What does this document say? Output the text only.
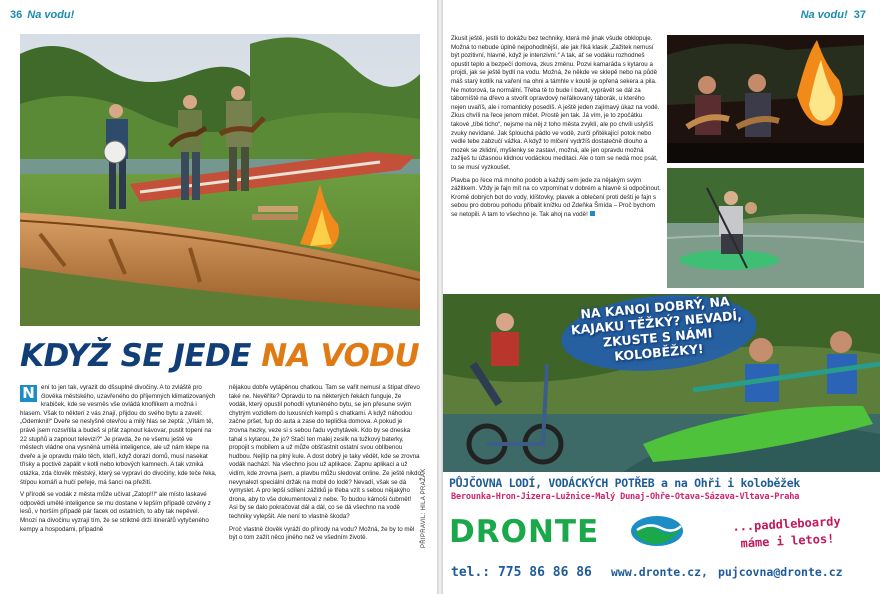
36 Na vodu!
PŘIPRAVIL: HILA PRAŽÁK
KDYŽ SE JEDE NA VODU

N	ení to jen tak, vyrazit do dšsuplné divočiny. A to zvláště pro člověka městského, uzavřeného do příjemných klimatizovaných krabiček, kde se vesměs vše ovládá knoflíkem a možná i hlasem. Však to některí z vás znají, přijdou do svého bytu a zavelí: „Odemknil!“ Dveře se neslyšně otevřou a milý hlas se zeptá: „Vítám tě, právě jsem rozsvítila a budeš si přát zapnout kávovar, pustit topení na 22 stupňů a zapnout televizi?“ Je pravda, že ne všemu ještě ve městech vládne ona vysněná umělá inteligence, ale už nám klepe na dveře a je opravdu málo těch, kteří, když dorazí domů, musí nasekat třísky a poctivě zapálit v kotli nebo krbových kamnech. A tak vzniká otázka, zda člověk městský, který se vypraví do divočiny, kde teče řeka, štípou komáři a hučí peřeje, má šanci na přežití.

V přírodě se vodák z města může učívat „Zatop!!!“ ale místo laskavé odpovědi umělé inteligence se mu dostane v lepším případě ozvěny z lesů, v horším případě pár facek od ostatních, to aby tak nepěvel. Mnozí na divočinu vyzrají tím, že se striktně drží itinerářů vytyčeného kempy a hospodami, případně

nějakou dobře vytápěnou chatkou. Tam se vařit nemusí a štípat dřevo také ne. Nevěříte? Opravdu to na některých řekách funguje, že vodák, který opustil pohodlí vytuněného bytu, se jen přesune svým chytrým vozidlem do luxusních kempů s chatkami. A když náhodou začne pršet, fup do auta a zase do teplička domova. A pokud je zrovna hezky, veze si s sebou řadu vychytávek. Kdo by se dneska tahal s kytarou, že jo? Stačí ten malej zesilk na tužkový baterky, propojit s mobilem a už může obšťastnit ostatní svou oblíbenou hudbou. Nejlíp na plný kule. A dost dobrý je taky vědět, kde se zrovna vodák nachází. Na všechno jsou už aplikace. Zapnu aplikaci a už vidím, kde zrovna jsem, a plavbu můžu sledovat online. Ze ještě nikdo nevynalezl speciální držák na mobil do lodě? Nevadí, však se dá vymyslet. A pro lepší sdílení zážitků je třeba vzít s sebou nějakýho drona, aby to vše dokumentoval z nebe. To budou kámoši čubrnět! Asi by se dalo pokračovat dál a dál, co se dá všechno na vodě techniky vylepšit. Ale není to vlastně škoda?

Proč vlastně člověk vyráží do přírody na vodu? Možná, že by to měl být o tom zažít něco jiného než ve všedním životě.

Na vodu! 37

Zkusit ještě, jestli to dokážu bez techniky, která mě jinak všude obklopuje. Možná to nebude úplně nejpohodlnější, ale jak říká klasik „Zažitek nemusí být pozitivní, hlavně, když je intenzivní.“ A tak, ať se vodáku rozhodneš opustit teplo a bezpečí domova, zkus změnu. Pozvi kamaráda s kytarou a projdi, jak se ještě bydlí na vodu. Možná, že někde ve sklepě nebo na půdě máš starý kotlík na vaření na ohni a támhle v koutě je opřená sekera a pila. Ne motorová, ta normální. Třeba tě to bude i bavit, vyprávět se dál za táborníště na dřevo a stvořit opravdový neřálkovaný táborák, u kterého nejen uvaříš, ale i romanticky posedíš. A ještě jeden zajímavý úkaz na vodě. Zkus chvíli na řece jenom mlčet. Prostě jen tak. Já vím, je to zpočátku takové „tíbé ticho“, nejsme na něj z toho města zvyklí, ale po chvíli uslyšíš zvuky nevídané. Jak šplouchá pádlo ve vodě, zurčí přitékající potok nebo vedle tebe zabzučí vážka. A když to mlčení vydržíš dostatečně dlouho a mozek se zklidní, myšlenky se zastaví, možná, ale jen opravdu možná zažiješ tu úžasnou klidnou vodáckou meditaci. Ale o tom se nedá moc psát, to se musí vyzkoušet.

Plavba po řece má mnoho podob a každý sem jede za nějakým svým zážitkem. Vždy je fajn mít na co vzpomínat v dobrém a hlavně si odpočinout. Kromě dobrých bot do vody, klíštovky, plavek a oblečení proti dešti je fajn s sebou pro dobrou pohodu přibalit knížku od Zdeňka Šmída – Proč bychom se netopili. A tam to všechno je. Tak ahoj na vodě!

NA KANOI DOBRÝ, NA KAJAKU TĚŽKÝ? NEVADÍ, ZKUSTE S NÁMI KOLOBĚŽKY!
PŮJČOVNA LODÍ, VODÁCKÝCH POTŘEB a na Ohři i koloběžek
Berounka-Hron-Jizera-Lužnice-Malý Dunaj-Ohře-Otava-Sázava-Vltava-Praha
DRONTE	...paddleboardy
máme i letos!
tel.: 775 86 86 86 www.dronte.cz, pujcovna@dronte.cz
